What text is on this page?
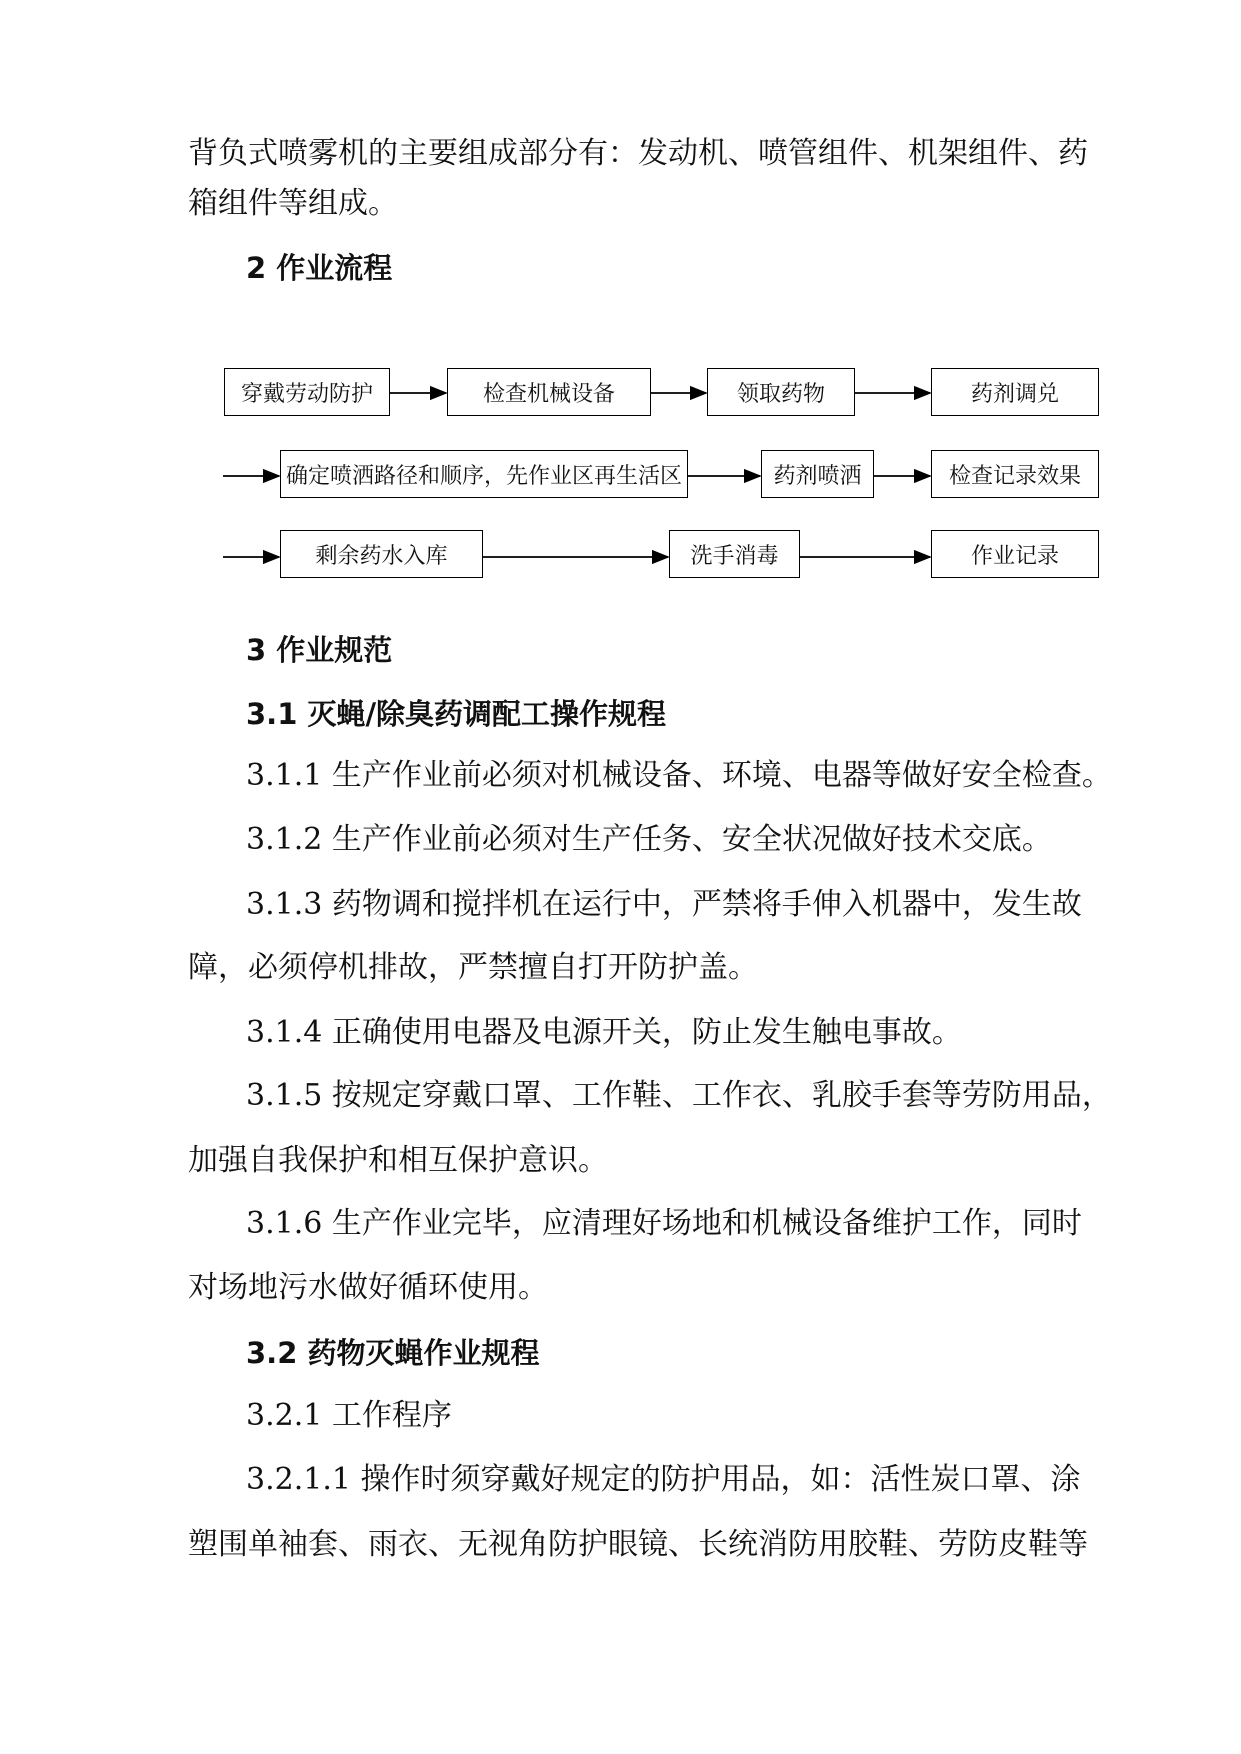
背负式喷雾机的主要组成部分有：发动机、喷管组件、机架组件、药
箱组件等组成。
2 作业流程
穿戴劳动防护	检查机械设备	领取药物	药剂调兑
确定喷洒路径和顺序，先作业区再生活区	药剂喷洒	检查记录效果
剩余药水入库	洗手消毒	作业记录
3 作业规范
3.1 灭蝇/除臭药调配工操作规程
3.1.1 生产作业前必须对机械设备、环境、电器等做好安全检查。
3.1.2 生产作业前必须对生产任务、安全状况做好技术交底。
3.1.3 药物调和搅拌机在运行中，严禁将手伸入机器中，发生故
障，必须停机排故，严禁擅自打开防护盖。
3.1.4 正确使用电器及电源开关，防止发生触电事故。
3.1.5 按规定穿戴口罩、工作鞋、工作衣、乳胶手套等劳防用品，
加强自我保护和相互保护意识。
3.1.6 生产作业完毕，应清理好场地和机械设备维护工作，同时
对场地污水做好循环使用。
3.2 药物灭蝇作业规程
3.2.1 工作程序
3.2.1.1 操作时须穿戴好规定的防护用品，如：活性炭口罩、涂
塑围单袖套、雨衣、无视角防护眼镜、长统消防用胶鞋、劳防皮鞋等
